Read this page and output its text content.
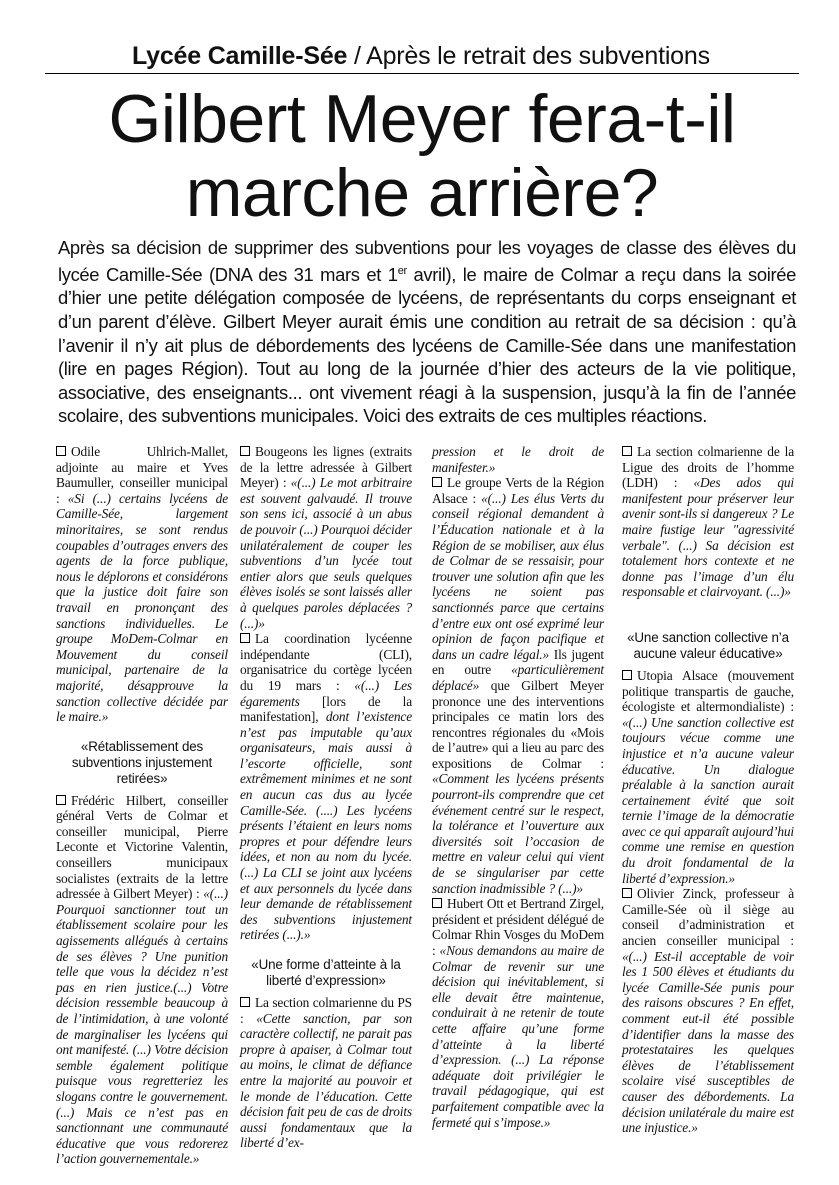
Lycée Camille-Sée / Après le retrait des subventions
Gilbert Meyer fera-t-il
marche arrière?

Après sa décision de supprimer des subventions pour les voyages de classe des élèves du lycée Camille-Sée (DNA des 31 mars et 1er avril), le maire de Colmar a reçu dans la soirée d’hier une petite délégation composée de lycéens, de représentants du corps enseignant et d’un parent d’élève. Gilbert Meyer aurait émis une condition au retrait de sa décision : qu’à l’avenir il n’y ait plus de débordements des lycéens de Camille-Sée dans une manifestation (lire en pages Région). Tout au long de la journée d’hier des acteurs de la vie politique, associative, des enseignants... ont vivement réagi à la suspension, jusqu’à la fin de l’année scolaire, des subventions municipales. Voici des extraits de ces multiples réactions.

Odile Uhlrich-Mallet, adjointe au maire et Yves Baumuller, conseiller municipal : «Si (...) certains lycéens de Camille-Sée, largement minoritaires, se sont rendus coupables d’outrages envers des agents de la force publique, nous le déplorons et considérons que la justice doit faire son travail en prononçant des sanctions individuelles. Le groupe MoDem-Colmar en Mouvement du conseil municipal, partenaire de la majorité, désapprouve la sanction collective décidée par le maire.»

«Rétablissement des subventions injustement retirées»

Frédéric Hilbert, conseiller général Verts de Colmar et conseiller municipal, Pierre Leconte et Victorine Valentin, conseillers municipaux socialistes (extraits de la lettre adressée à Gilbert Meyer) : «(...) Pourquoi sanctionner tout un établissement scolaire pour les agissements allégués à certains de ses élèves ? Une punition telle que vous la décidez n’est pas en rien justice.(...) Votre décision ressemble beaucoup à de l’intimidation, à une volonté de marginaliser les lycéens qui ont manifesté. (...) Votre décision semble également politique puisque vous regretteriez les slogans contre le gouvernement. (...) Mais ce n’est pas en sanctionnant une communauté éducative que vous redorerez l’action gouvernementale.»

Bougeons les lignes (extraits de la lettre adressée à Gilbert Meyer) : «(...) Le mot arbitraire est souvent galvaudé. Il trouve son sens ici, associé à un abus de pouvoir (...) Pourquoi décider unilatéralement de couper les subventions d’un lycée tout entier alors que seuls quelques élèves isolés se sont laissés aller à quelques paroles déplacées ? (...)»

La coordination lycéenne indépendante (CLI), organisatrice du cortège lycéen du 19 mars : «(...) Les égarements [lors de la manifestation], dont l’existence n’est pas imputable qu’aux organisateurs, mais aussi à l’escorte officielle, sont extrêmement minimes et ne sont en aucun cas dus au lycée Camille-Sée. (....) Les lycéens présents l’étaient en leurs noms propres et pour défendre leurs idées, et non au nom du lycée. (...) La CLI se joint aux lycéens et aux personnels du lycée dans leur demande de rétablissement des subventions injustement retirées (...).»

«Une forme d’atteinte à la liberté d’expression»

La section colmarienne du PS : «Cette sanction, par son caractère collectif, ne parait pas propre à apaiser, à Colmar tout au moins, le climat de défiance entre la majorité au pouvoir et le monde de l’éducation. Cette décision fait peu de cas de droits aussi fondamentaux que la liberté d’ex-

pression et le droit de manifester.»

Le groupe Verts de la Région Alsace : «(...) Les élus Verts du conseil régional demandent à l’Éducation nationale et à la Région de se mobiliser, aux élus de Colmar de se ressaisir, pour trouver une solution afin que les lycéens ne soient pas sanctionnés parce que certains d’entre eux ont osé exprimé leur opinion de façon pacifique et dans un cadre légal.» Ils jugent en outre «particulièrement déplacé» que Gilbert Meyer prononce une des interventions principales ce matin lors des rencontres régionales du «Mois de l’autre» qui a lieu au parc des expositions de Colmar : «Comment les lycéens présents pourront-ils comprendre que cet événement centré sur le respect, la tolérance et l’ouverture aux diversités soit l’occasion de mettre en valeur celui qui vient de se singulariser par cette sanction inadmissible ? (...)»

Hubert Ott et Bertrand Zirgel, président et président délégué de Colmar Rhin Vosges du MoDem : «Nous demandons au maire de Colmar de revenir sur une décision qui inévitablement, si elle devait être maintenue, conduirait à ne retenir de toute cette affaire qu’une forme d’atteinte à la liberté d’expression. (...) La réponse adéquate doit privilégier le travail pédagogique, qui est parfaitement compatible avec la fermeté qui s’impose.»

La section colmarienne de la Ligue des droits de l’homme (LDH) : «Des ados qui manifestent pour préserver leur avenir sont-ils si dangereux ? Le maire fustige leur "agressivité verbale". (...) Sa décision est totalement hors contexte et ne donne pas l’image d’un élu responsable et clairvoyant. (...)»

«Une sanction collective n’a aucune valeur éducative»

Utopia Alsace (mouvement politique transpartis de gauche, écologiste et altermondialiste) : «(...) Une sanction collective est toujours vécue comme une injustice et n’a aucune valeur éducative. Un dialogue préalable à la sanction aurait certainement évité que soit ternie l’image de la démocratie avec ce qui apparaît aujourd’hui comme une remise en question du droit fondamental de la liberté d’expression.»

Olivier Zinck, professeur à Camille-Sée où il siège au conseil d’administration et ancien conseiller municipal : «(...) Est-il acceptable de voir les 1 500 élèves et étudiants du lycée Camille-Sée punis pour des raisons obscures ? En effet, comment eut-il été possible d’identifier dans la masse des protestataires les quelques élèves de l’établissement scolaire visé susceptibles de causer des débordements. La décision unilatérale du maire est une injustice.»
